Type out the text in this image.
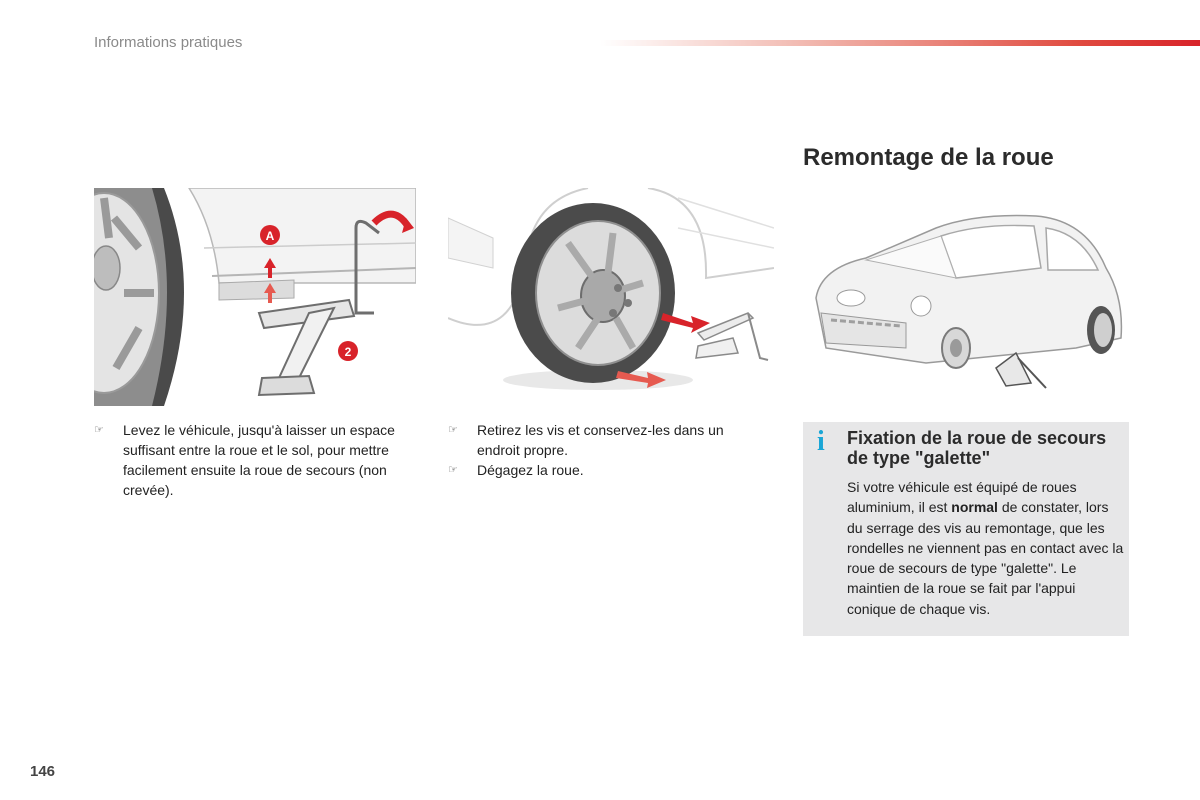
Informations pratiques
Remontage de la roue
A
2
☞ Levez le véhicule, jusqu'à laisser un espace suffisant entre la roue et le sol, pour mettre facilement ensuite la roue de secours (non crevée).
☞ Retirez les vis et conservez-les dans un endroit propre.
☞ Dégagez la roue.
i Fixation de la roue de secours de type "galette"
Si votre véhicule est équipé de roues aluminium, il est normal de constater, lors du serrage des vis au remontage, que les rondelles ne viennent pas en contact avec la roue de secours de type "galette". Le maintien de la roue se fait par l'appui conique de chaque vis.
146
